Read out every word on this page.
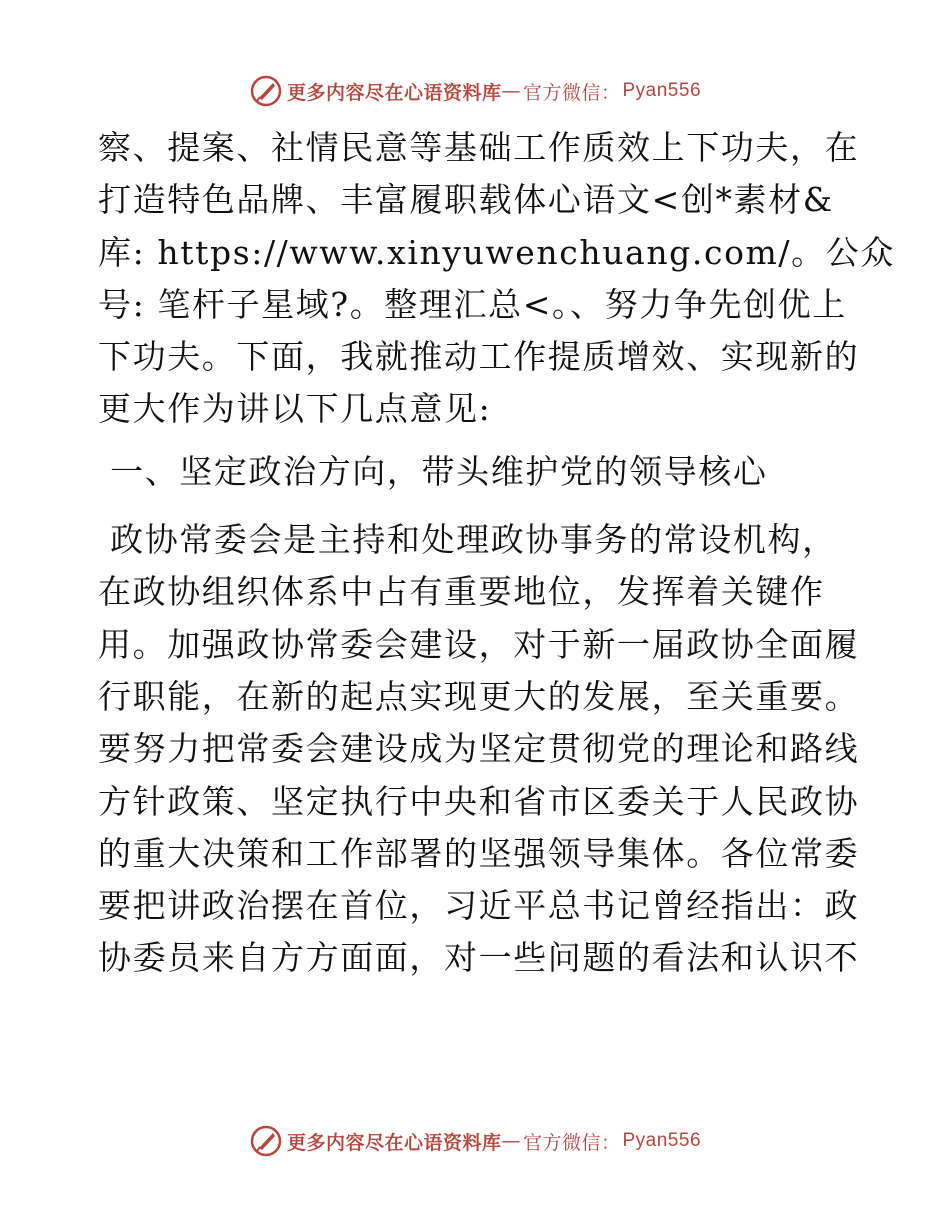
更多内容尽在心语资料库 — 官方微信： Pyan556
察、提案、社情民意等基础工作质效上下功夫，在
打造特色品牌、丰富履职载体心语文<创*素材&
库: https://www.xinyuwenchuang.com/。公众
号: 笔杆子星域?。整理汇总<。、努力争先创优上
下功夫。下面，我就推动工作提质增效、实现新的
更大作为讲以下几点意见:
一、坚定政治方向，带头维护党的领导核心
政协常委会是主持和处理政协事务的常设机构，
在政协组织体系中占有重要地位，发挥着关键作
用。加强政协常委会建设，对于新一届政协全面履
行职能，在新的起点实现更大的发展，至关重要。
要努力把常委会建设成为坚定贯彻党的理论和路线
方针政策、坚定执行中央和省市区委关于人民政协
的重大决策和工作部署的坚强领导集体。各位常委
要把讲政治摆在首位，习近平总书记曾经指出：政
协委员来自方方面面，对一些问题的看法和认识不
更多内容尽在心语资料库 — 官方微信： Pyan556
